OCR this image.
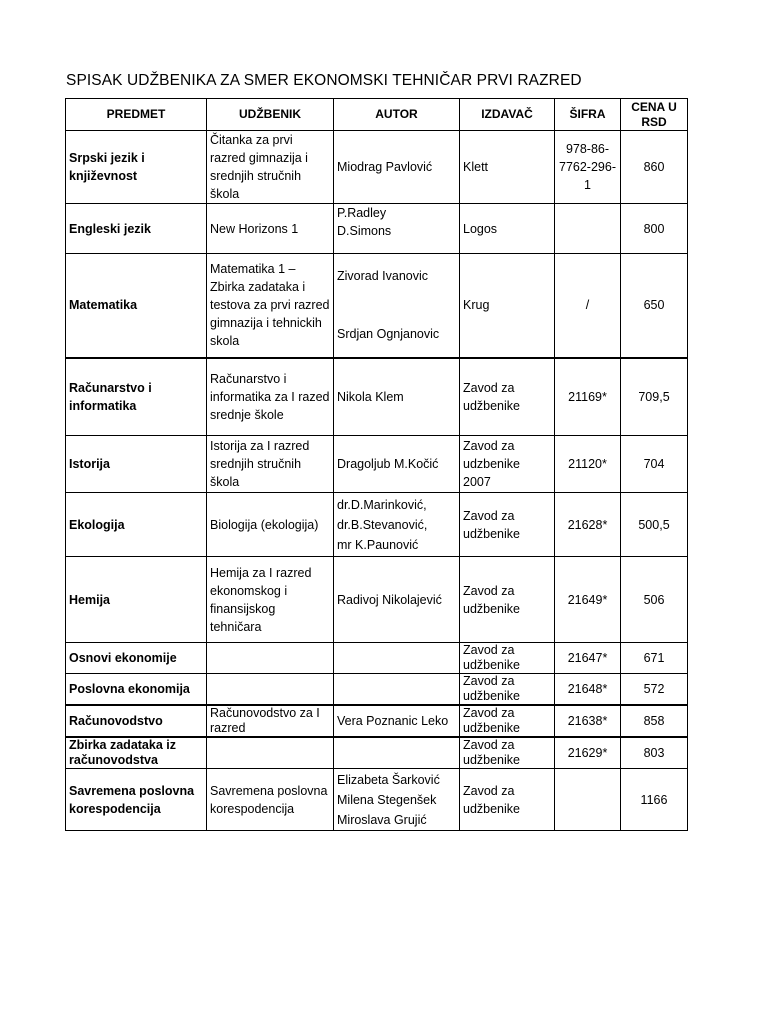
SPISAK UDŽBENIKA ZA SMER EKONOMSKI TEHNIČAR PRVI RAZRED
PREDMET	UDŽBENIK	AUTOR	IZDAVAČ	ŠIFRA	CENA U
RSD

Srpski jezik i književnost	Čitanka za prvi razred gimnazija i srednjih stručnih škola	Miodrag Pavlović	Klett	978-86-7762-296-1	860
Engleski jezik	New Horizons 1	P.Radley
D.Simons	Logos		800
Matematika	Matematika 1 – Zbirka zadataka i testova za prvi razred gimnazija i tehnickih skola	Zivorad Ivanovic
Srdjan Ognjanovic	Krug	/	650
Računarstvo i informatika	Računarstvo i informatika za I razed srednje škole	Nikola Klem	Zavod za udžbenike	21169*	709,5
Istorija	Istorija za I razred srednjih stručnih škola	Dragoljub M.Kočić	Zavod za udzbenike 2007	21120*	704
Ekologija	Biologija (ekologija)	dr.D.Marinković,
dr.B.Stevanović,
mr K.Paunović	Zavod za udžbenike	21628*	500,5
Hemija	Hemija za I razred ekonomskog i finansijskog tehničara	Radivoj Nikolajević	Zavod za udžbenike	21649*	506
Osnovi ekonomije			Zavod za udžbenike	21647*	671
Poslovna ekonomija			Zavod za udžbenike	21648*	572
Računovodstvo	Računovodstvo za I razred	Vera Poznanic Leko	Zavod za udžbenike	21638*	858
Zbirka zadataka iz računovodstva			Zavod za udžbenike	21629*	803
Savremena poslovna korespodencija	Savremena poslovna korespodencija	Elizabeta Šarković
Milena Stegenšek
Miroslava Grujić	Zavod za udžbenike		1166
